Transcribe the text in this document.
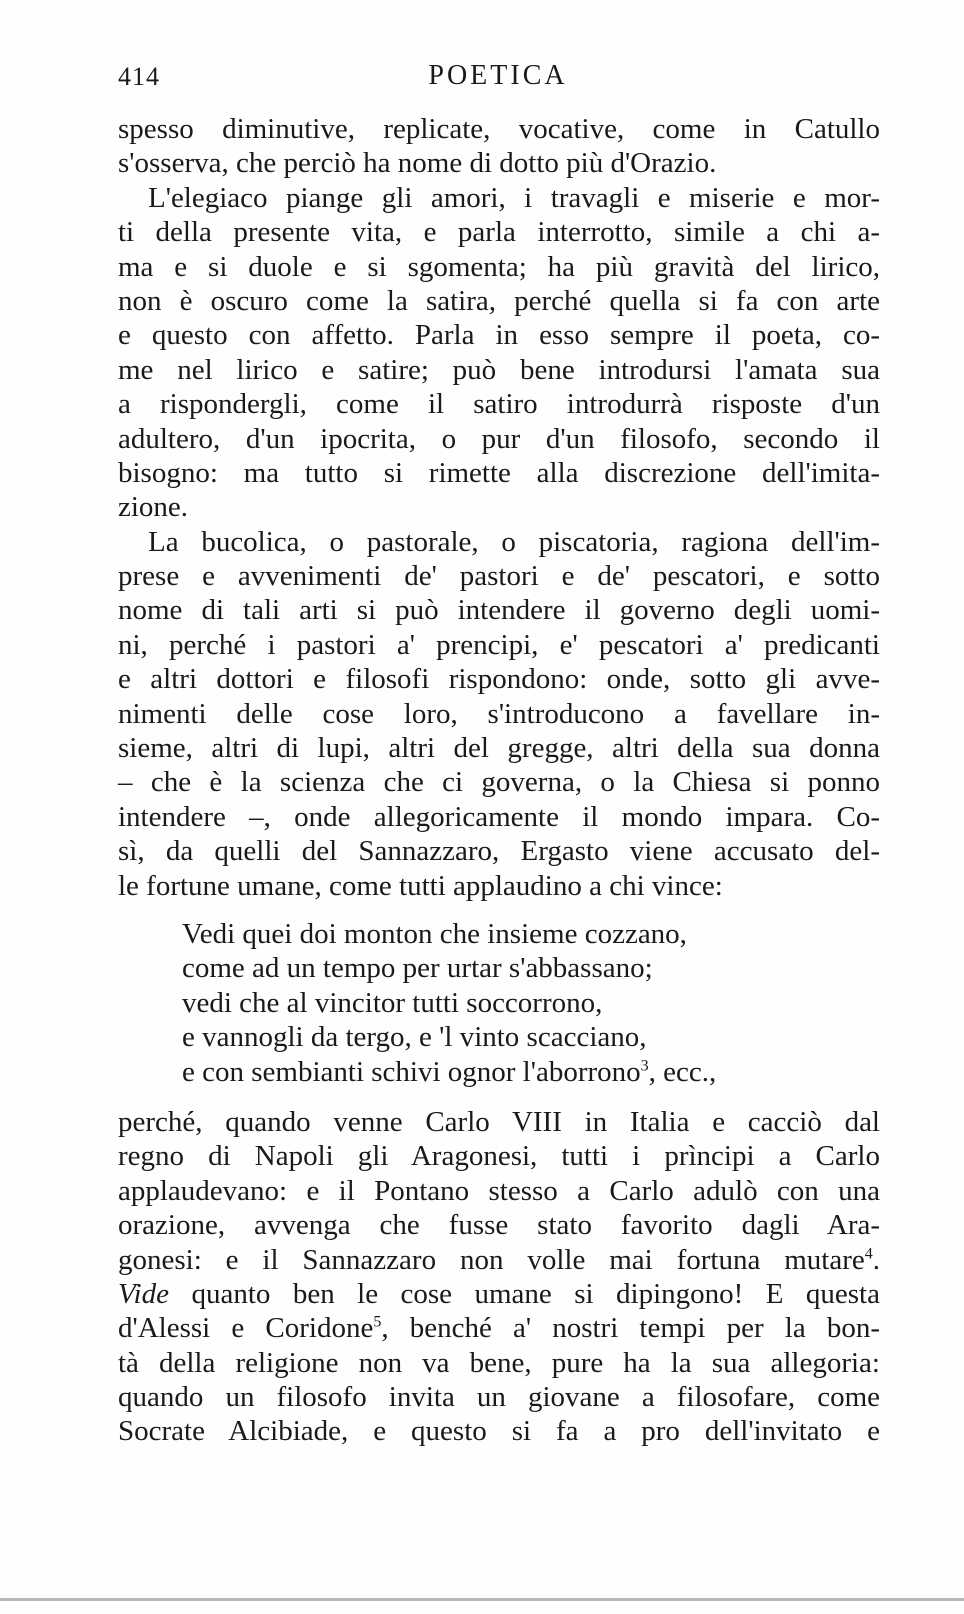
414	POETICA
spesso diminutive, replicate, vocative, come in Catullo
s'osserva, che perciò ha nome di dotto più d'Orazio.
L'elegiaco piange gli amori, i travagli e miserie e mor-
ti della presente vita, e parla interrotto, simile a chi a-
ma e si duole e si sgomenta; ha più gravità del lirico,
non è oscuro come la satira, perché quella si fa con arte
e questo con affetto. Parla in esso sempre il poeta, co-
me nel lirico e satire; può bene introdursi l'amata sua
a rispondergli, come il satiro introdurrà risposte d'un
adultero, d'un ipocrita, o pur d'un filosofo, secondo il
bisogno: ma tutto si rimette alla discrezione dell'imita-
zione.
La bucolica, o pastorale, o piscatoria, ragiona dell'im-
prese e avvenimenti de' pastori e de' pescatori, e sotto
nome di tali arti si può intendere il governo degli uomi-
ni, perché i pastori a' prencipi, e' pescatori a' predicanti
e altri dottori e filosofi rispondono: onde, sotto gli avve-
nimenti delle cose loro, s'introducono a favellare in-
sieme, altri di lupi, altri del gregge, altri della sua donna
– che è la scienza che ci governa, o la Chiesa si ponno
intendere –, onde allegoricamente il mondo impara. Co-
sì, da quelli del Sannazzaro, Ergasto viene accusato del-
le fortune umane, come tutti applaudino a chi vince:
Vedi quei doi monton che insieme cozzano,
come ad un tempo per urtar s'abbassano;
vedi che al vincitor tutti soccorrono,
e vannogli da tergo, e 'l vinto scacciano,
e con sembianti schivi ognor l'aborrono$^3$, ecc.,
perché, quando venne Carlo VIII in Italia e cacciò dal
regno di Napoli gli Aragonesi, tutti i prìncipi a Carlo
applaudevano: e il Pontano stesso a Carlo adulò con una
orazione, avvenga che fusse stato favorito dagli Ara-
gonesi: e il Sannazzaro non volle mai fortuna mutare$^4$.
Vide quanto ben le cose umane si dipingono! E questa
d'Alessi e Coridone$^5$, benché a' nostri tempi per la bon-
tà della religione non va bene, pure ha la sua allegoria:
quando un filosofo invita un giovane a filosofare, come
Socrate Alcibiade, e questo si fa a pro dell'invitato e
